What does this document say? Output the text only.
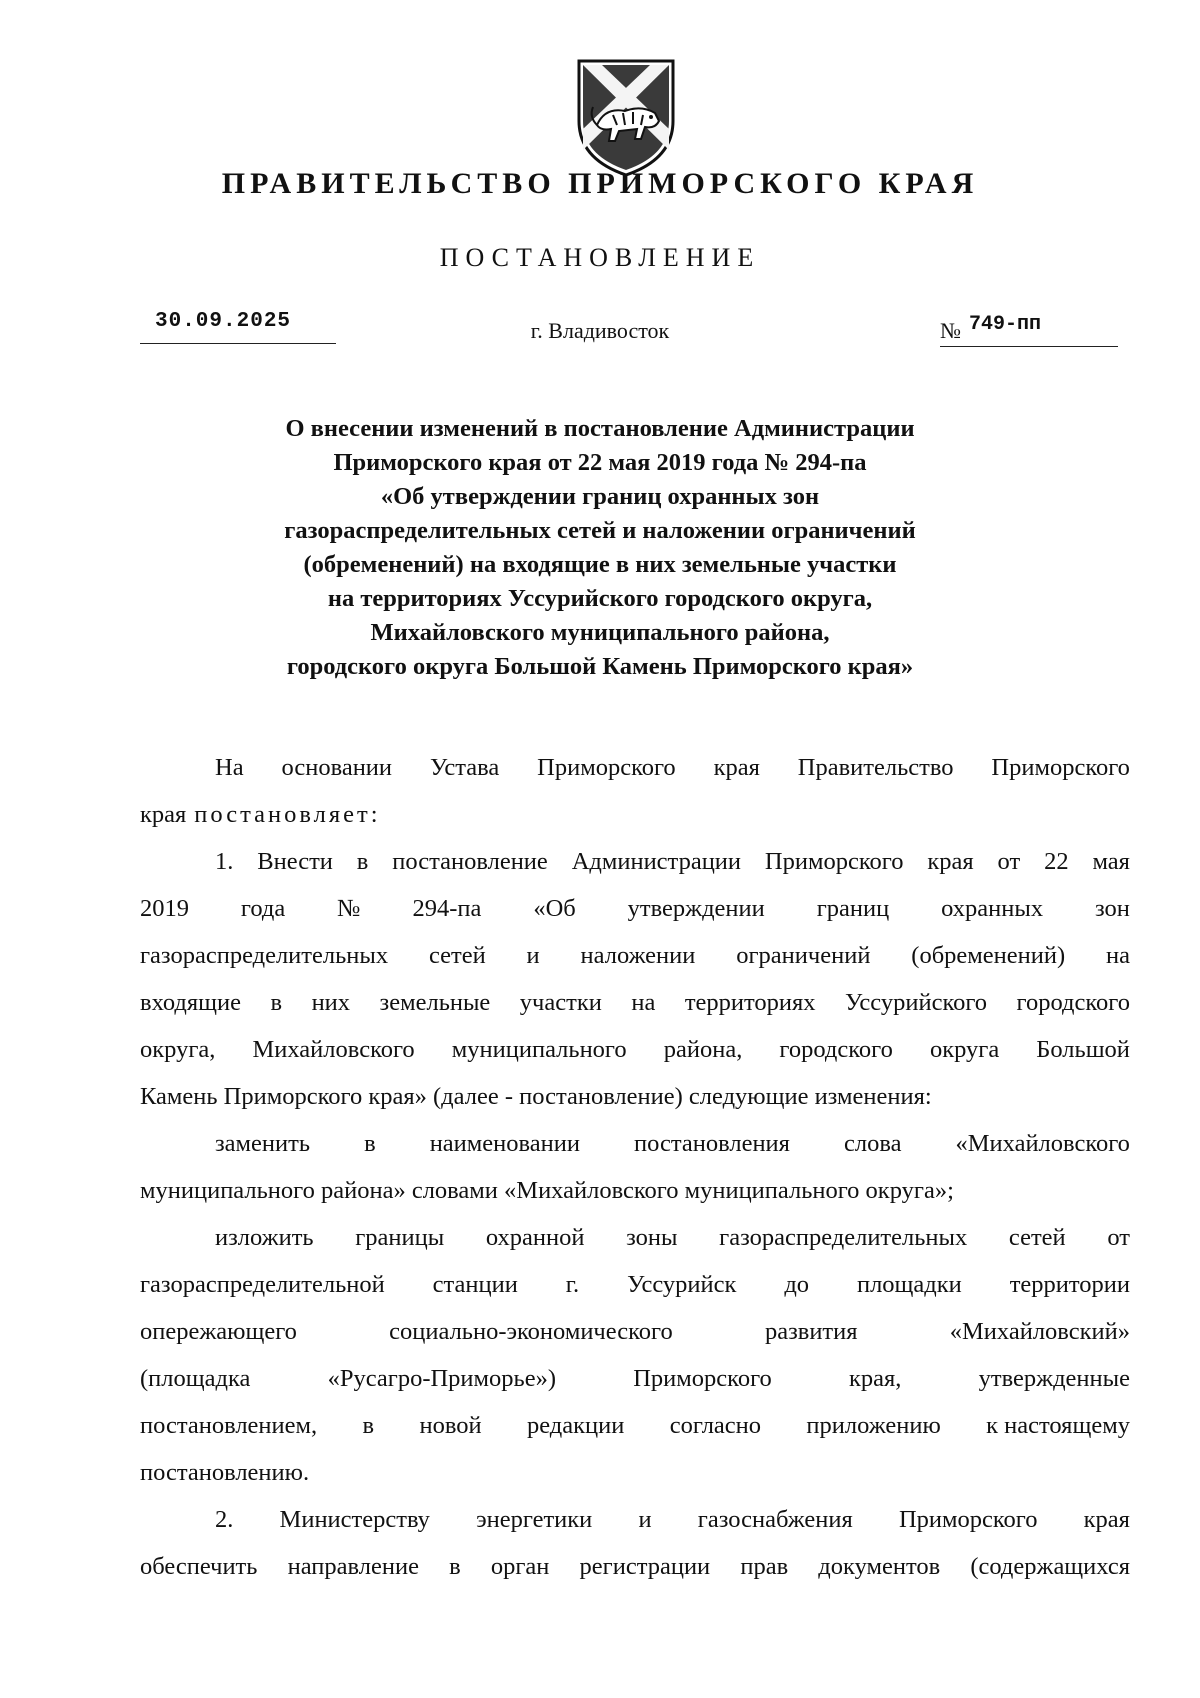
ПРАВИТЕЛЬСТВО ПРИМОРСКОГО КРАЯ
ПОСТАНОВЛЕНИЕ
30.09.2025	г. Владивосток	№ 749-пп
О внесении изменений в постановление Администрации
Приморского края от 22 мая 2019 года № 294-па
«Об утверждении границ охранных зон
газораспределительных сетей и наложении ограничений
(обременений) на входящие в них земельные участки
на территориях Уссурийского городского округа,
Михайловского муниципального района,
городского округа Большой Камень Приморского края»
На основании Устава Приморского края Правительство Приморского
края постановляет:
1. Внести в постановление Администрации Приморского края от 22 мая
2019 года № 294-па «Об утверждении границ охранных зон
газораспределительных сетей и наложении ограничений (обременений) на
входящие в них земельные участки на территориях Уссурийского городского
округа, Михайловского муниципального района, городского округа Большой
Камень Приморского края» (далее - постановление) следующие изменения:
заменить в наименовании постановления слова «Михайловского
муниципального района» словами «Михайловского муниципального округа»;
изложить границы охранной зоны газораспределительных сетей от
газораспределительной станции г. Уссурийск до площадки территории
опережающего	социально-экономического	развития	«Михайловский»
(площадка	«Русагро-Приморье»)	Приморского	края,	утвержденные
постановлением, в новой редакции согласно приложению к настоящему
постановлению.
2. Министерству энергетики и газоснабжения Приморского края
обеспечить направление в орган регистрации прав документов (содержащихся
